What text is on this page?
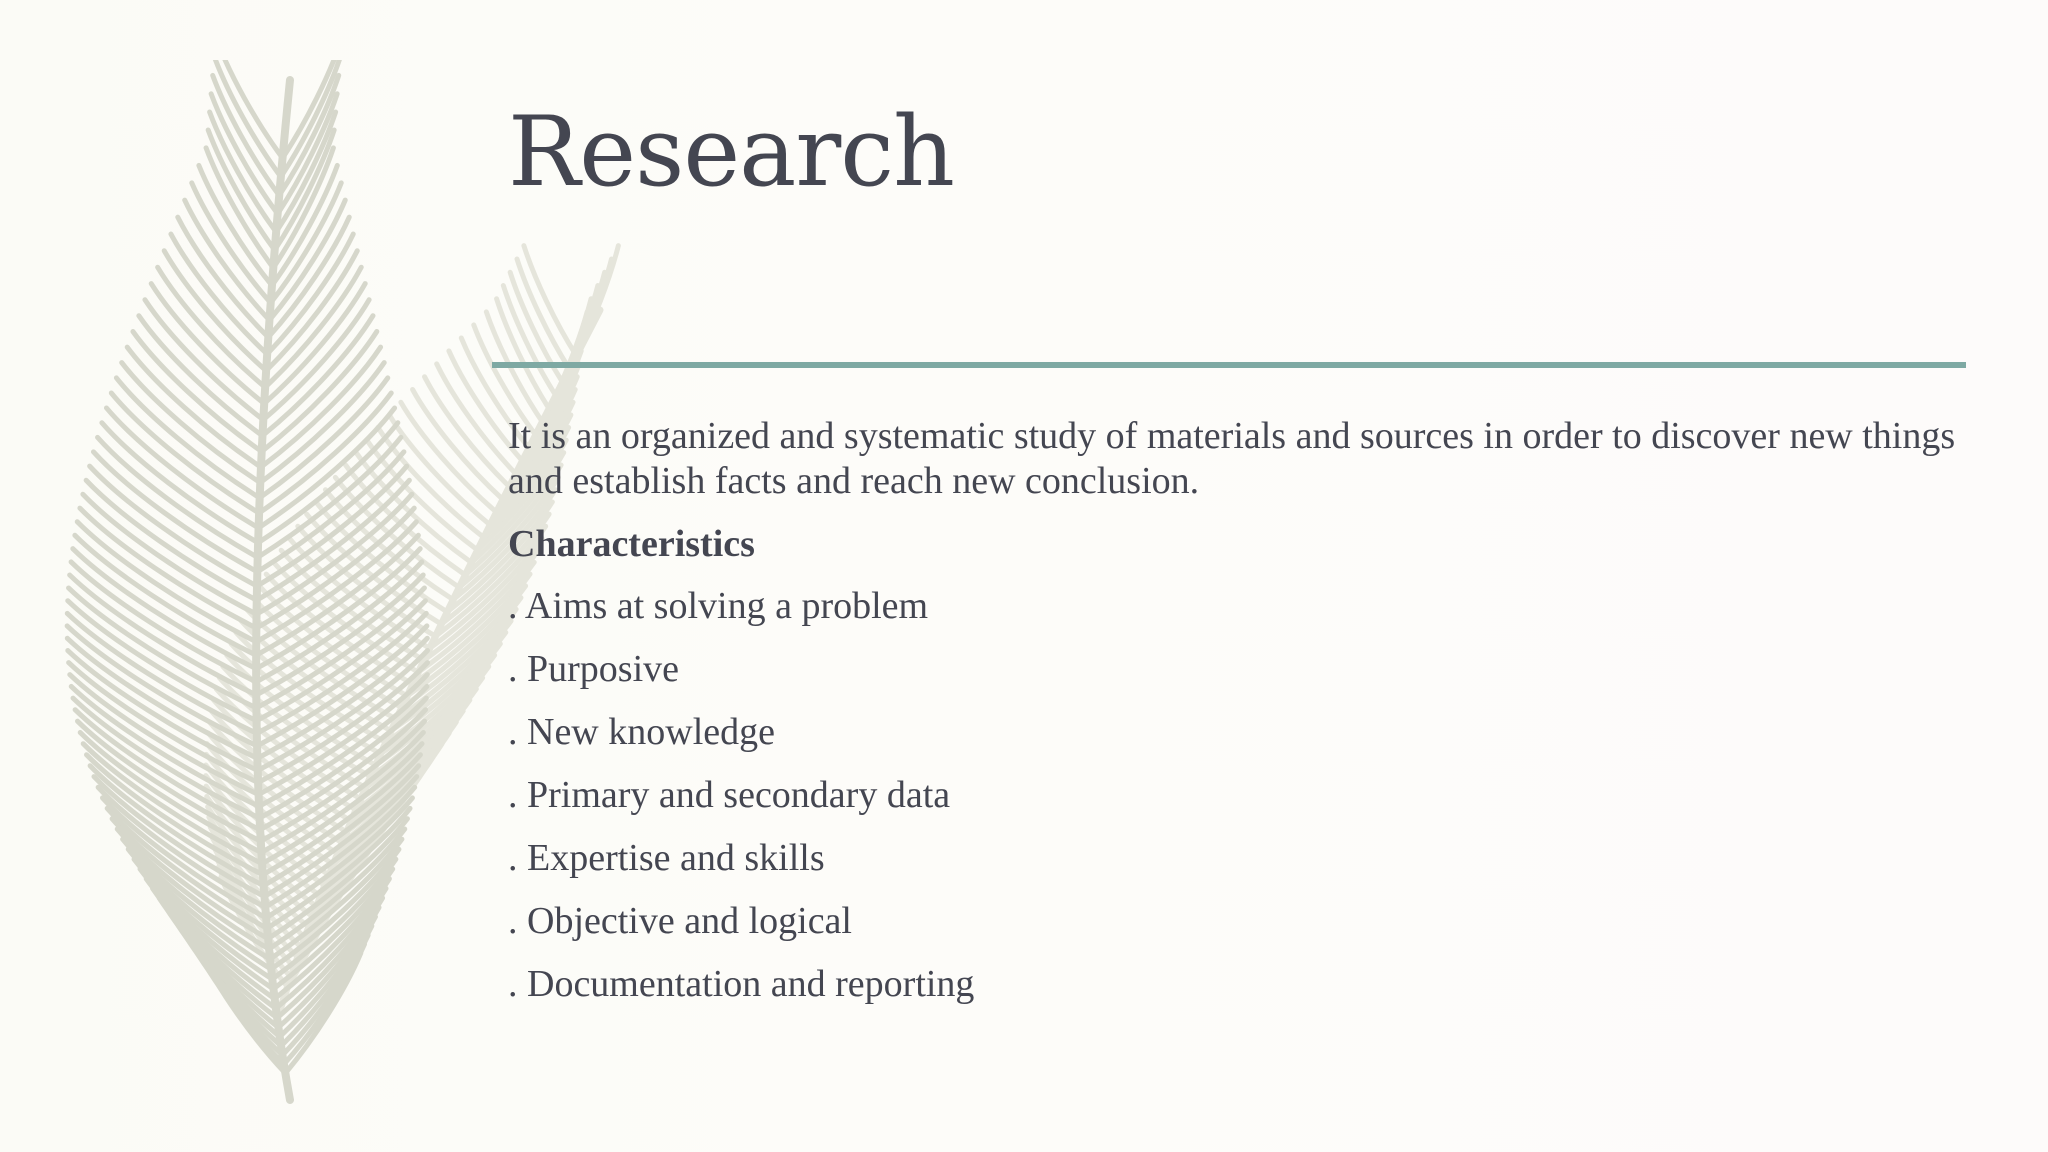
Research

It is an organized and systematic study of materials and sources in order to discover new things and establish facts and reach new conclusion.

Characteristics

. Aims at solving a problem
. Purposive
. New knowledge
. Primary and secondary data
. Expertise and skills
. Objective and logical
. Documentation and reporting
